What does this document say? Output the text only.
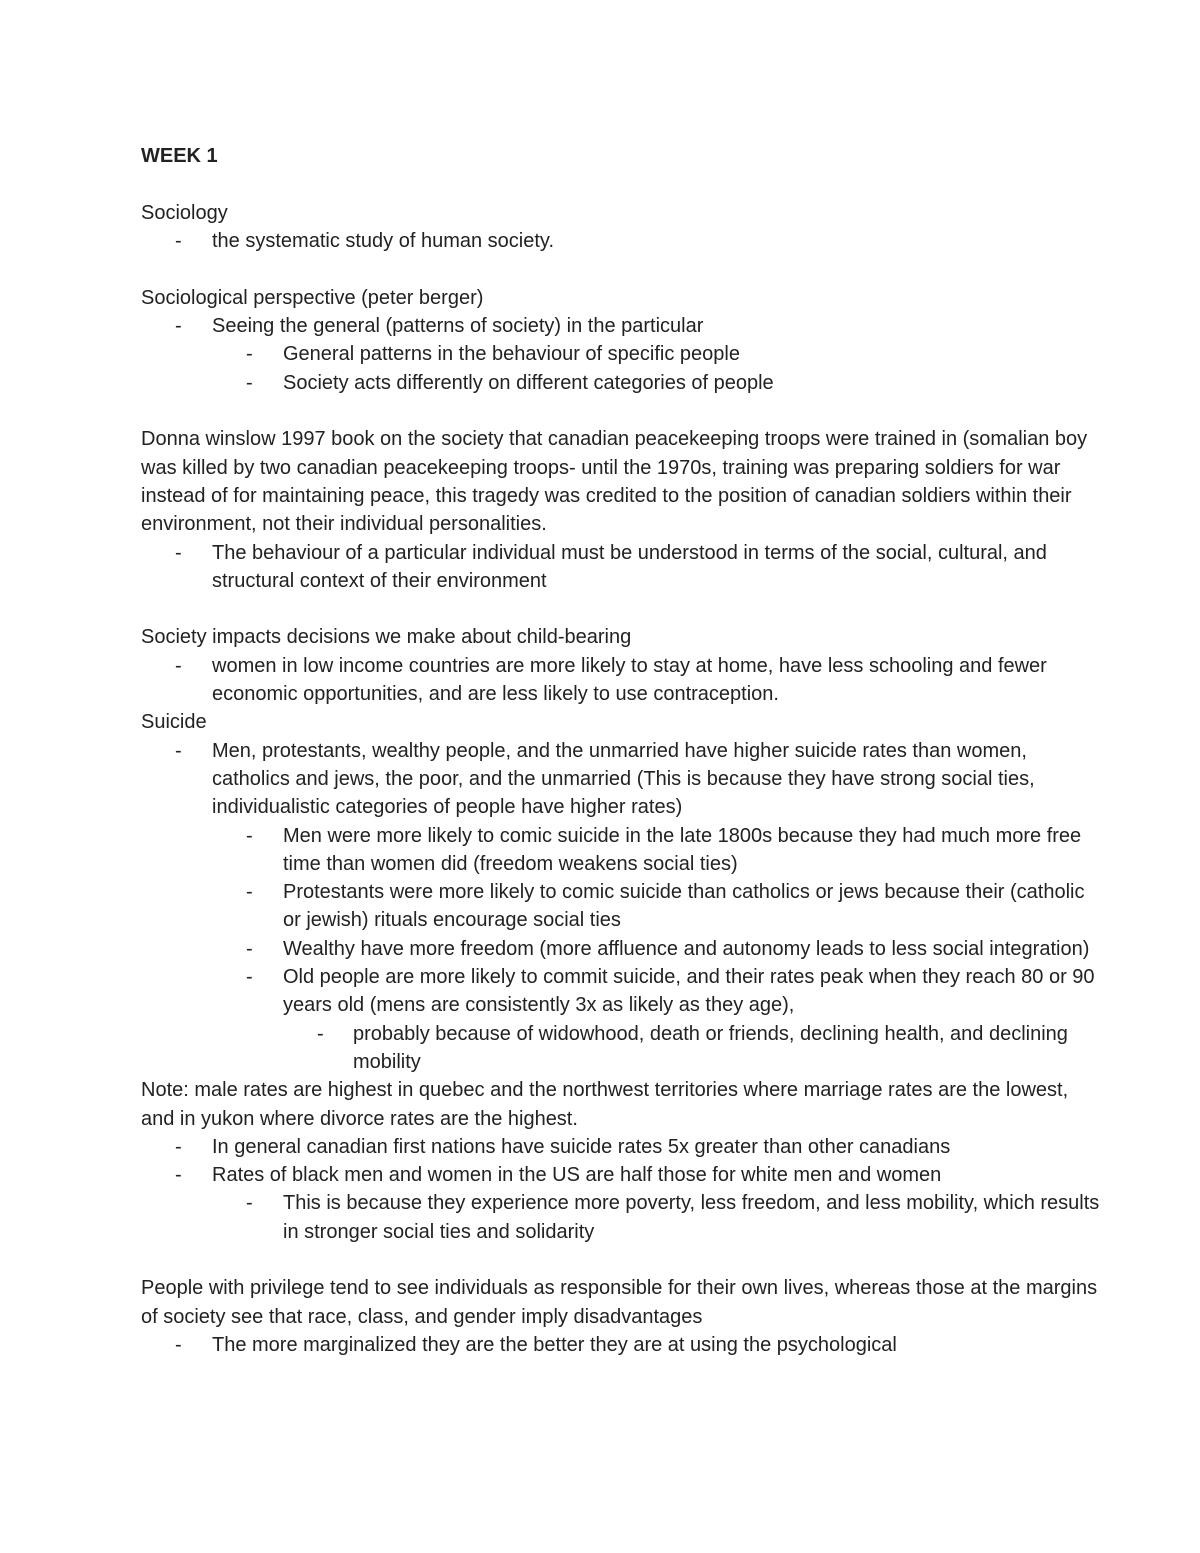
WEEK 1

Sociology

- the systematic study of human society.

Sociological perspective (peter berger)

- Seeing the general (patterns of society) in the particular
- General patterns in the behaviour of specific people
- Society acts differently on different categories of people

Donna winslow 1997 book on the society that canadian peacekeeping troops were trained in (somalian boy was killed by two canadian peacekeeping troops- until the 1970s, training was preparing soldiers for war instead of for maintaining peace, this tragedy was credited to the position of canadian soldiers within their environment, not their individual personalities.

- The behaviour of a particular individual must be understood in terms of the social, cultural, and structural context of their environment

Society impacts decisions we make about child-bearing

- women in low income countries are more likely to stay at home, have less schooling and fewer economic opportunities, and are less likely to use contraception.

Suicide

- Men, protestants, wealthy people, and the unmarried have higher suicide rates than women, catholics and jews, the poor, and the unmarried (This is because they have strong social ties, individualistic categories of people have higher rates)
- Men were more likely to comic suicide in the late 1800s because they had much more free time than women did (freedom weakens social ties)
- Protestants were more likely to comic suicide than catholics or jews because their (catholic or jewish) rituals encourage social ties
- Wealthy have more freedom (more affluence and autonomy leads to less social integration)
- Old people are more likely to commit suicide, and their rates peak when they reach 80 or 90 years old (mens are consistently 3x as likely as they age),
- probably because of widowhood, death or friends, declining health, and declining mobility

Note: male rates are highest in quebec and the northwest territories where marriage rates are the lowest, and in yukon where divorce rates are the highest.

- In general canadian first nations have suicide rates 5x greater than other canadians
- Rates of black men and women in the US are half those for white men and women
- This is because they experience more poverty, less freedom, and less mobility, which results in stronger social ties and solidarity

People with privilege tend to see individuals as responsible for their own lives, whereas those at the margins of society see that race, class, and gender imply disadvantages

- The more marginalized they are the better they are at using the psychological
